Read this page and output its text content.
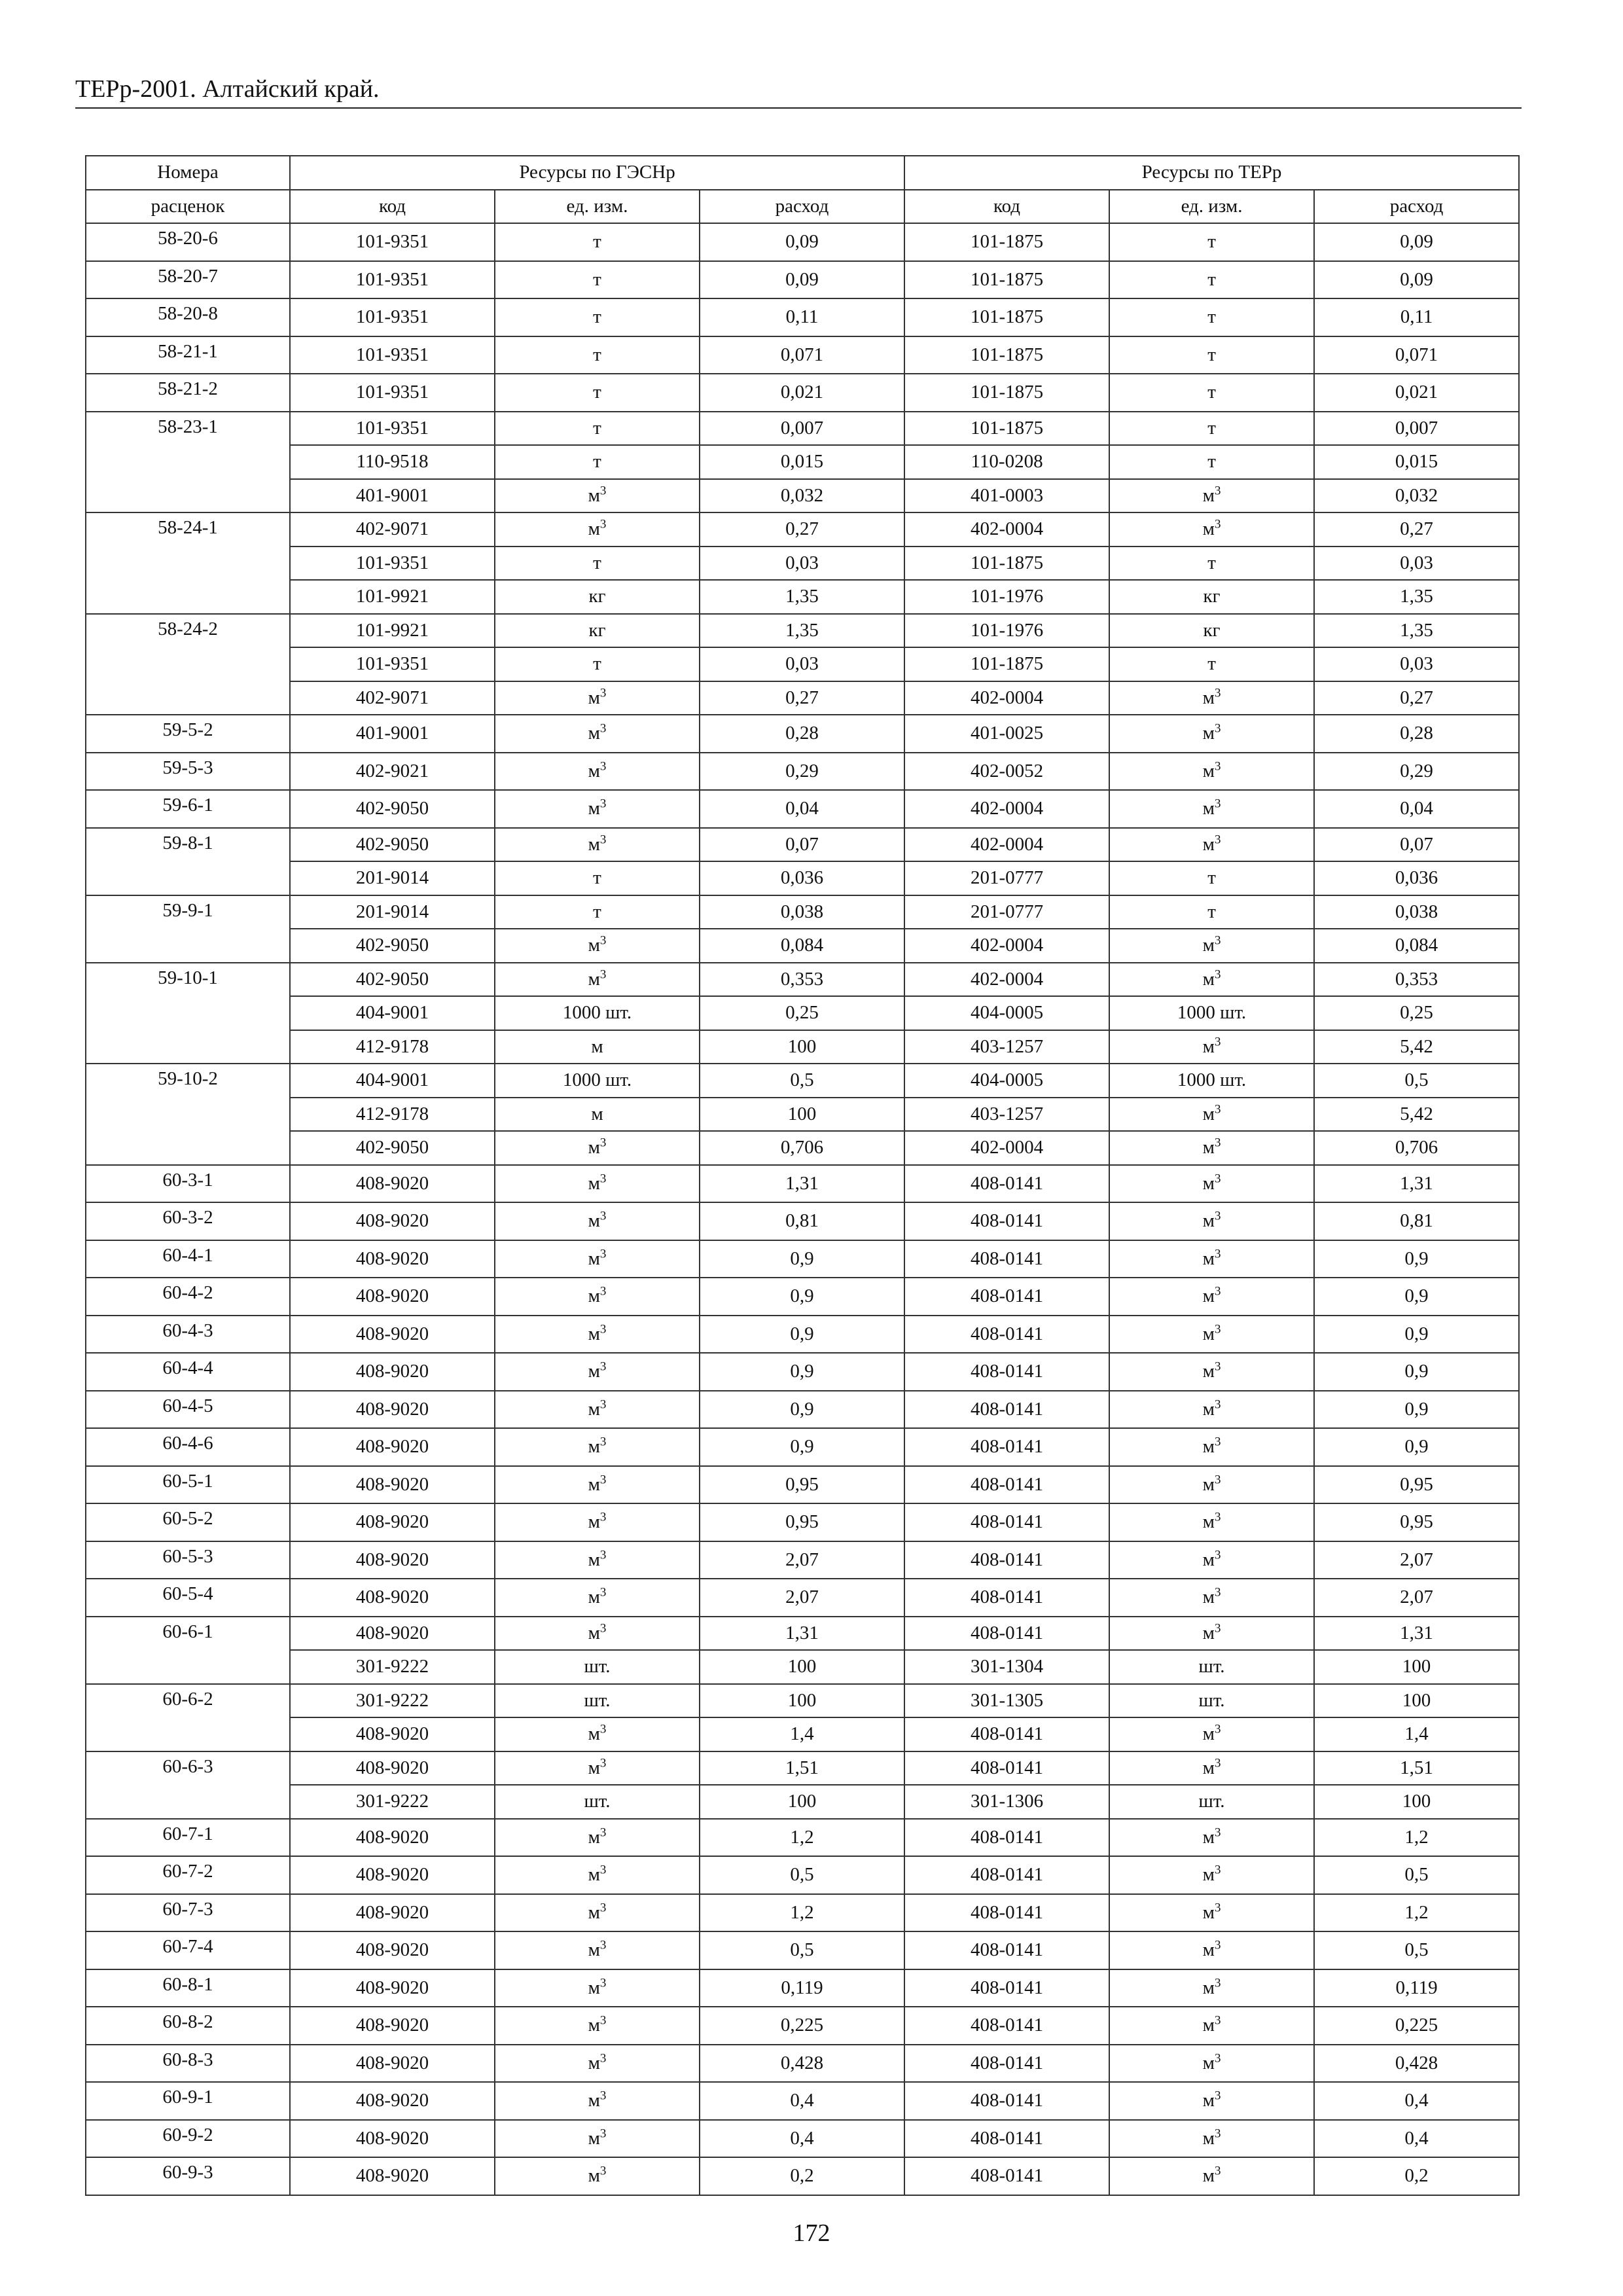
ТЕРр-2001. Алтайский край.
Номера	Ресурсы по ГЭСНр			Ресурсы по ТЕРр		
расценок	код	ед. изм.	расход	код	ед. изм.	расход
58-20-6	101-9351	т	0,09	101-1875	т	0,09
58-20-7	101-9351	т	0,09	101-1875	т	0,09
58-20-8	101-9351	т	0,11	101-1875	т	0,11
58-21-1	101-9351	т	0,071	101-1875	т	0,071
58-21-2	101-9351	т	0,021	101-1875	т	0,021
58-23-1	101-9351	т	0,007	101-1875	т	0,007
	110-9518	т	0,015	110-0208	т	0,015
	401-9001	$м^3$	0,032	401-0003	$м^3$	0,032
58-24-1	402-9071	$м^3$	0,27	402-0004	$м^3$	0,27
	101-9351	т	0,03	101-1875	т	0,03
	101-9921	кг	1,35	101-1976	кг	1,35
58-24-2	101-9921	кг	1,35	101-1976	кг	1,35
	101-9351	т	0,03	101-1875	т	0,03
	402-9071	$м^3$	0,27	402-0004	$м^3$	0,27
59-5-2	401-9001	$м^3$	0,28	401-0025	$м^3$	0,28
59-5-3	402-9021	$м^3$	0,29	402-0052	$м^3$	0,29
59-6-1	402-9050	$м^3$	0,04	402-0004	$м^3$	0,04
59-8-1	402-9050	$м^3$	0,07	402-0004	$м^3$	0,07
	201-9014	т	0,036	201-0777	т	0,036
59-9-1	201-9014	т	0,038	201-0777	т	0,038
	402-9050	$м^3$	0,084	402-0004	$м^3$	0,084
59-10-1	402-9050	$м^3$	0,353	402-0004	$м^3$	0,353
	404-9001	1000 шт.	0,25	404-0005	1000 шт.	0,25
	412-9178	м	100	403-1257	$м^3$	5,42
59-10-2	404-9001	1000 шт.	0,5	404-0005	1000 шт.	0,5
	412-9178	м	100	403-1257	$м^3$	5,42
	402-9050	$м^3$	0,706	402-0004	$м^3$	0,706
60-3-1	408-9020	$м^3$	1,31	408-0141	$м^3$	1,31
60-3-2	408-9020	$м^3$	0,81	408-0141	$м^3$	0,81
60-4-1	408-9020	$м^3$	0,9	408-0141	$м^3$	0,9
60-4-2	408-9020	$м^3$	0,9	408-0141	$м^3$	0,9
60-4-3	408-9020	$м^3$	0,9	408-0141	$м^3$	0,9
60-4-4	408-9020	$м^3$	0,9	408-0141	$м^3$	0,9
60-4-5	408-9020	$м^3$	0,9	408-0141	$м^3$	0,9
60-4-6	408-9020	$м^3$	0,9	408-0141	$м^3$	0,9
60-5-1	408-9020	$м^3$	0,95	408-0141	$м^3$	0,95
60-5-2	408-9020	$м^3$	0,95	408-0141	$м^3$	0,95
60-5-3	408-9020	$м^3$	2,07	408-0141	$м^3$	2,07
60-5-4	408-9020	$м^3$	2,07	408-0141	$м^3$	2,07
60-6-1	408-9020	$м^3$	1,31	408-0141	$м^3$	1,31
	301-9222	шт.	100	301-1304	шт.	100
60-6-2	301-9222	шт.	100	301-1305	шт.	100
	408-9020	$м^3$	1,4	408-0141	$м^3$	1,4
60-6-3	408-9020	$м^3$	1,51	408-0141	$м^3$	1,51
	301-9222	шт.	100	301-1306	шт.	100
60-7-1	408-9020	$м^3$	1,2	408-0141	$м^3$	1,2
60-7-2	408-9020	$м^3$	0,5	408-0141	$м^3$	0,5
60-7-3	408-9020	$м^3$	1,2	408-0141	$м^3$	1,2
60-7-4	408-9020	$м^3$	0,5	408-0141	$м^3$	0,5
60-8-1	408-9020	$м^3$	0,119	408-0141	$м^3$	0,119
60-8-2	408-9020	$м^3$	0,225	408-0141	$м^3$	0,225
60-8-3	408-9020	$м^3$	0,428	408-0141	$м^3$	0,428
60-9-1	408-9020	$м^3$	0,4	408-0141	$м^3$	0,4
60-9-2	408-9020	$м^3$	0,4	408-0141	$м^3$	0,4
60-9-3	408-9020	$м^3$	0,2	408-0141	$м^3$	0,2
172
